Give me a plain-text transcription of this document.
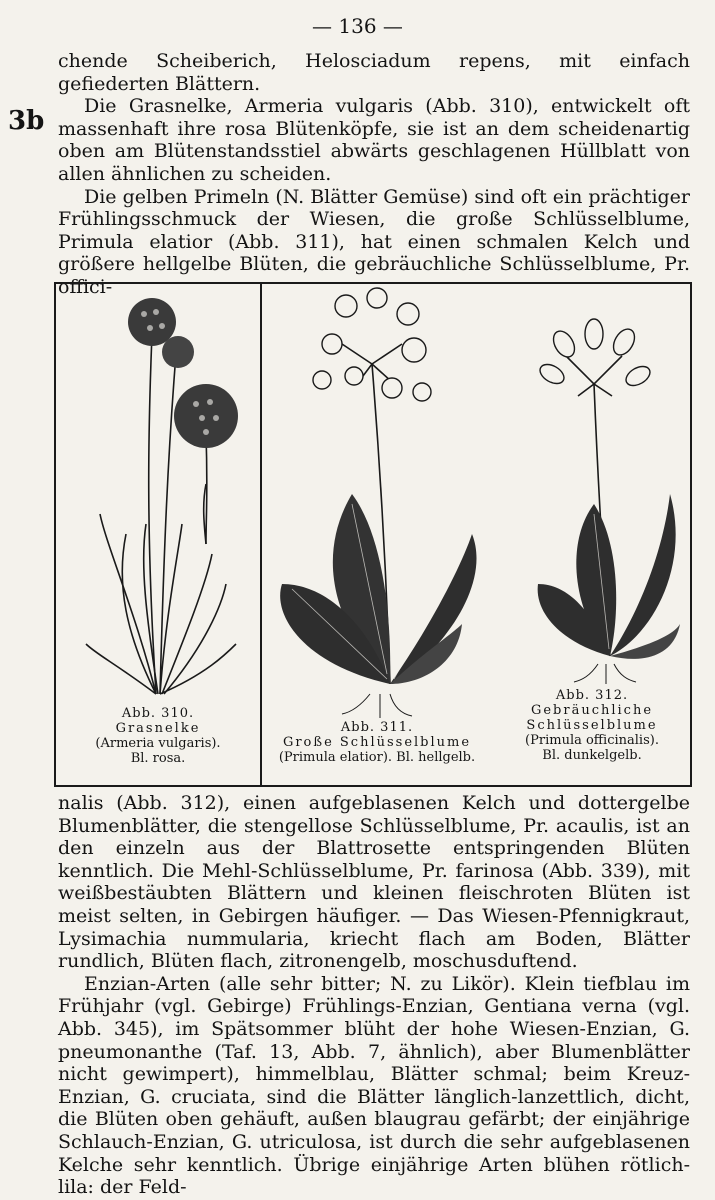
— 136 —
3b

chende Scheiberich, Helosciadum repens, mit einfach gefiederten Blättern.

Die Grasnelke, Armeria vulgaris (Abb. 310), entwickelt oft massenhaft ihre rosa Blütenköpfe, sie ist an dem scheidenartig oben am Blütenstandsstiel abwärts geschlagenen Hüllblatt von allen ähnlichen zu scheiden.

Die gelben Primeln (N. Blätter Gemüse) sind oft ein prächtiger Frühlingsschmuck der Wiesen, die große Schlüsselblume, Primula elatior (Abb. 311), hat einen schmalen Kelch und größere hellgelbe Blüten, die gebräuchliche Schlüsselblume, Pr. offici-

Abb. 310.
Grasnelke
(Armeria vulgaris).
Bl. rosa.
Abb. 311.
Große Schlüsselblume
(Primula elatior). Bl. hellgelb.
Abb. 312.
Gebräuchliche Schlüsselblume
(Primula officinalis).
Bl. dunkelgelb.

nalis (Abb. 312), einen aufgeblasenen Kelch und dottergelbe Blumenblätter, die stengellose Schlüsselblume, Pr. acaulis, ist an den einzeln aus der Blattrosette entspringenden Blüten kenntlich. Die Mehl-Schlüsselblume, Pr. farinosa (Abb. 339), mit weißbestäubten Blättern und kleinen fleischroten Blüten ist meist selten, in Gebirgen häufiger. — Das Wiesen-Pfennigkraut, Lysimachia nummularia, kriecht flach am Boden, Blätter rundlich, Blüten flach, zitronengelb, moschusduftend.

Enzian-Arten (alle sehr bitter; N. zu Likör). Klein tiefblau im Frühjahr (vgl. Gebirge) Frühlings-Enzian, Gentiana verna (vgl. Abb. 345), im Spätsommer blüht der hohe Wiesen-Enzian, G. pneumonanthe (Taf. 13, Abb. 7, ähnlich), aber Blumenblätter nicht gewimpert), himmelblau, Blätter schmal; beim Kreuz-Enzian, G. cruciata, sind die Blätter länglich-lanzettlich, dicht, die Blüten oben gehäuft, außen blaugrau gefärbt; der einjährige Schlauch-Enzian, G. utriculosa, ist durch die sehr aufgeblasenen Kelche sehr kenntlich. Übrige einjährige Arten blühen rötlich-lila: der Feld-
